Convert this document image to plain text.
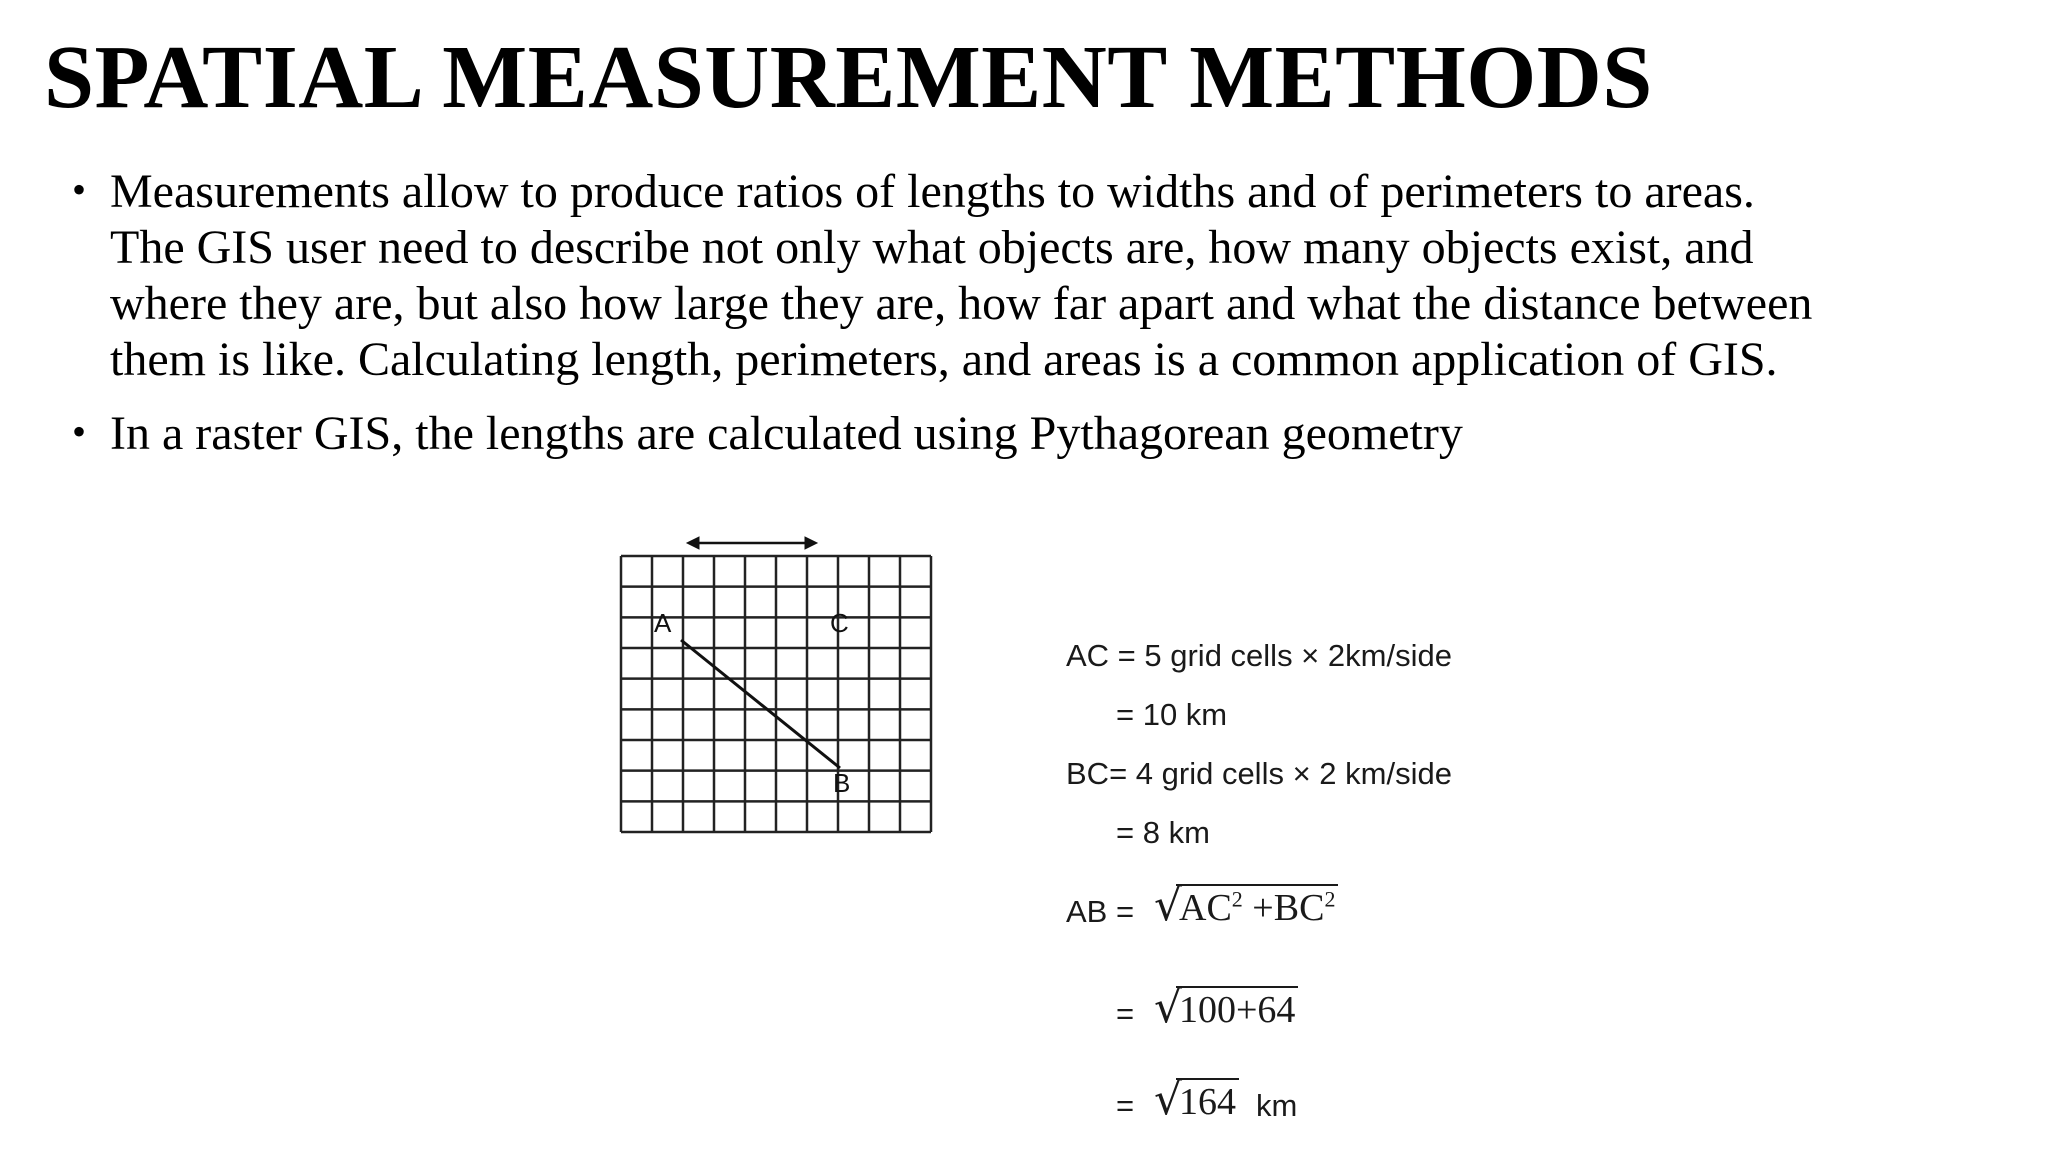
SPATIAL MEASUREMENT METHODS
• Measurements allow to produce ratios of lengths to widths and of perimeters to areas. The GIS user need to describe not only what objects are, how many objects exist, and where they are, but also how large they are, how far apart and what the distance between them is like. Calculating length, perimeters, and areas is a common application of GIS.
• In a raster GIS, the lengths are calculated using Pythagorean geometry
A	C
B
AC = 5 grid cells × 2km/side
= 10 km
BC= 4 grid cells × 2 km/side
= 8 km
AB = √
$AC^2 +BC^2$
= √
100+64
= √
164 km
